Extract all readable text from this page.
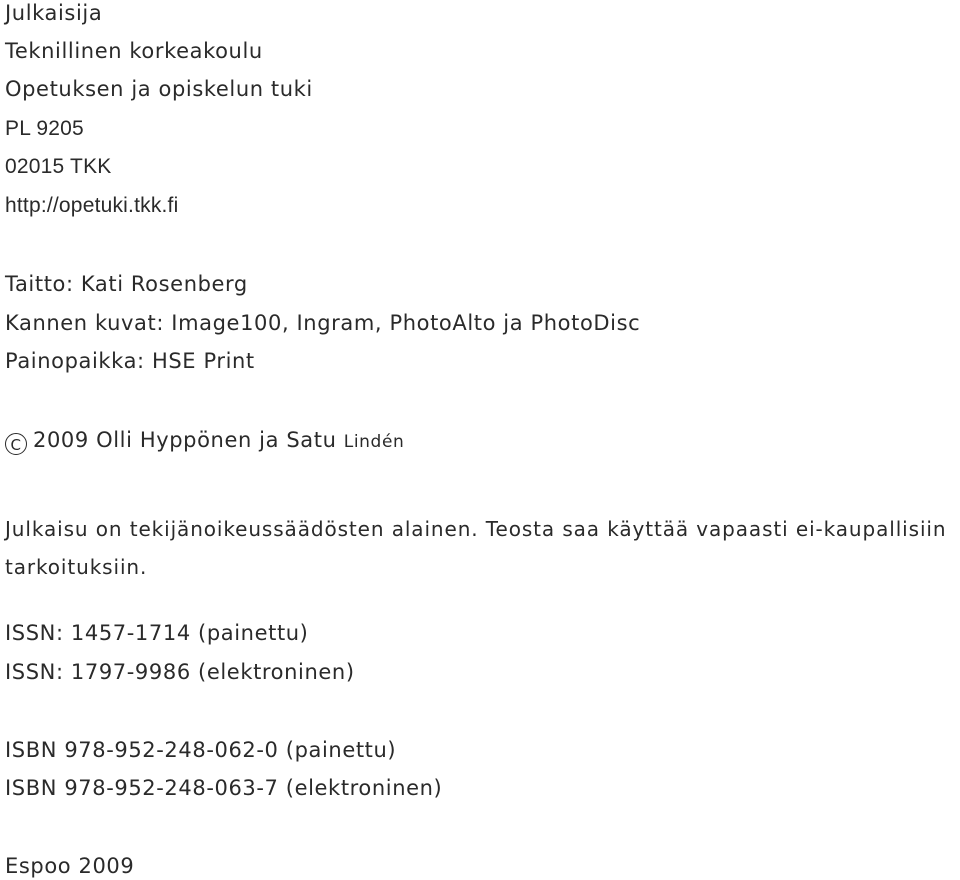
Julkaisija
Teknillinen korkeakoulu
Opetuksen ja opiskelun tuki
PL 9205
02015 TKK
http://opetuki.tkk.fi
Taitto: Kati Rosenberg
Kannen kuvat: Image100, Ingram, PhotoAlto ja PhotoDisc
Painopaikka: HSE Print
C 2009 Olli Hyppönen ja Satu Lindén
Julkaisu on tekijänoikeussäädösten alainen. Teosta saa käyttää vapaasti ei-kaupallisiin
tarkoituksiin.
ISSN: 1457-1714 (painettu)
ISSN: 1797-9986 (elektroninen)
ISBN 978-952-248-062-0 (painettu)
ISBN 978-952-248-063-7 (elektroninen)
Espoo 2009
